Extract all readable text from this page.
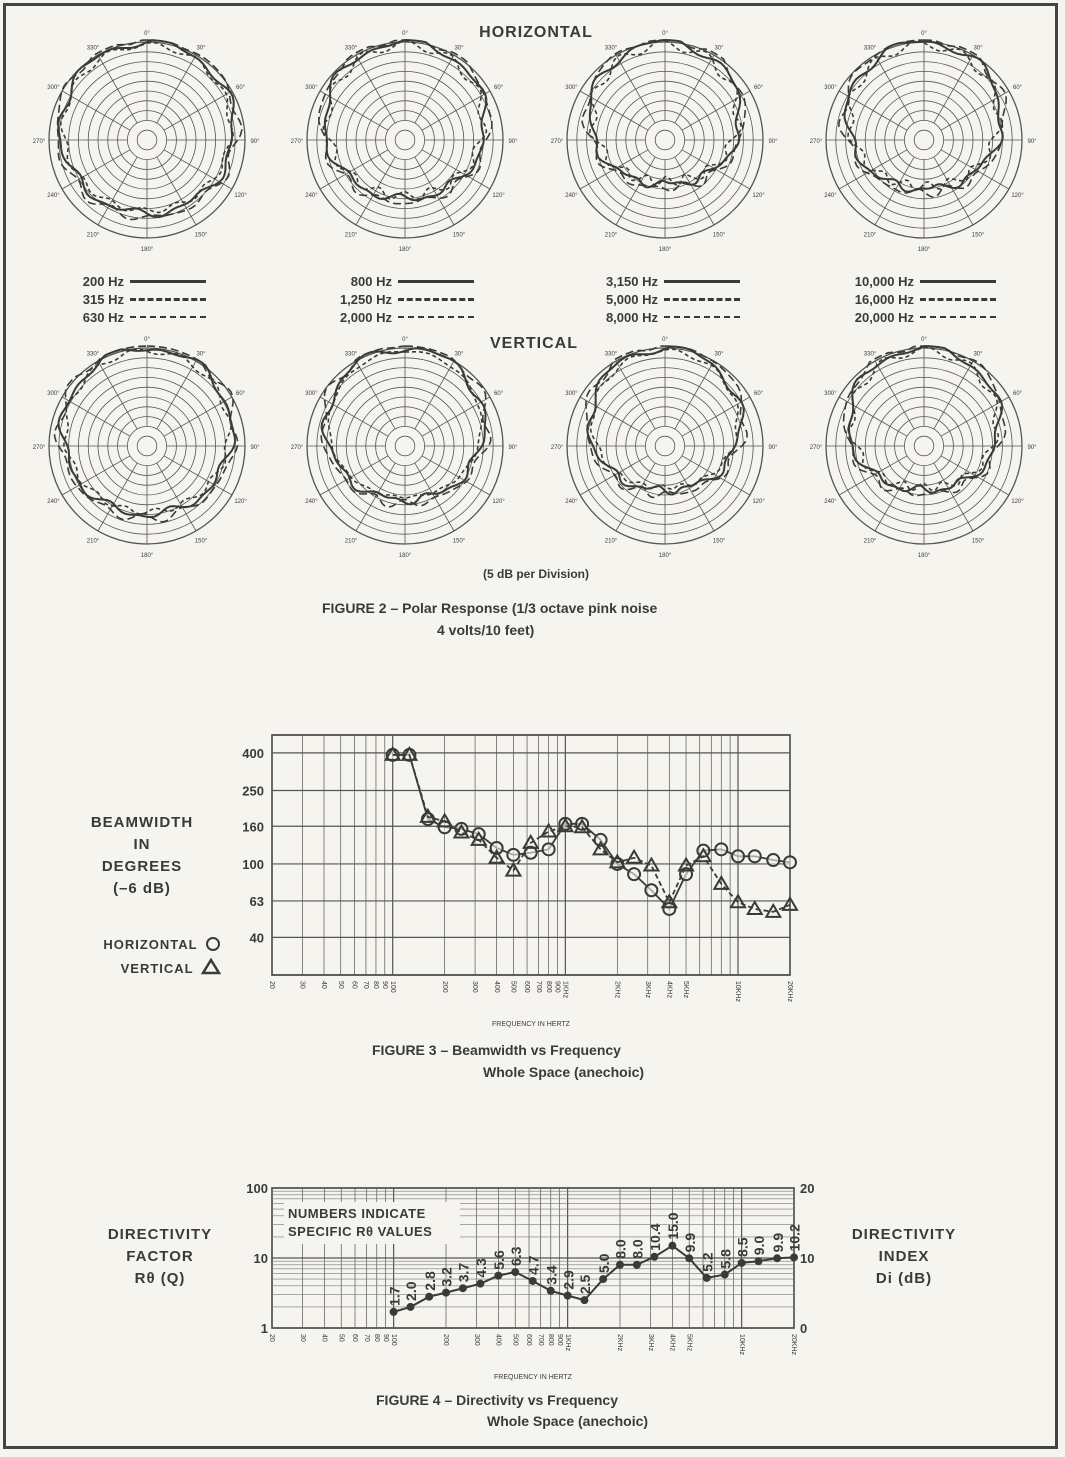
HORIZONTAL
VERTICAL
(5 dB per Division)
0°
30°
60°
90°
120°
150°
180°
210°
240°
270°
300°
330°
0°
30°
60°
90°
120°
150°
180°
210°
240°
270°
300°
330°
0°
30°
60°
90°
120°
150°
180°
210°
240°
270°
300°
330°
0°
30°
60°
90°
120°
150°
180°
210°
240°
270°
300°
330°
0°
30°
60°
90°
120°
150°
180°
210°
240°
270°
300°
330°
0°
30°
60°
90°
120°
150°
180°
210°
240°
270°
300°
330°
0°
30°
60°
90°
120°
150°
180°
210°
240°
270°
300°
330°
0°
30°
60°
90°
120°
150°
180°
210°
240°
270°
300°
330°
200 Hz
315 Hz
630 Hz
800 Hz
1,250 Hz
2,000 Hz
3,150 Hz
5,000 Hz
8,000 Hz
10,000 Hz
16,000 Hz
20,000 Hz
FIGURE 2 – Polar Response (1/3 octave pink noise
4 volts/10 feet)
BEAMWIDTH
IN
DEGREES
(–6 dB)
HORIZONTAL
VERTICAL
20	30 40 50 60 70 80 90 100	200	300 400 500 600 700 800 900 1KHz	2KHz	3KHz 4KHz 5KHz	10KHz	20KHz
FREQUENCY IN HERTZ
40
63
100
160
250
400
FIGURE 3 – Beamwidth vs Frequency
Whole Space (anechoic)
DIRECTIVITY
FACTOR
Rθ (Q)
DIRECTIVITY
INDEX
Di (dB)
20	30 40 50 60 70 80 90 100	200	300 400 500 600 700 800 900 1KHz	2KHz	3KHz 4KHz 5KHz	10KHz	20KHz
FREQUENCY IN HERTZ
1
10
100
0
10
20
NUMBERS INDICATE
SPECIFIC Rθ VALUES
1.7 2.0
2.8 3.2 3.7 4.3 5.6 6.3 4.7
3.4 2.9 2.5
5.0
8.0 8.0 10.4 15.0
9.9
5.2 5.8
8.5 9.0 9.9 10.2
FIGURE 4 – Directivity vs Frequency
Whole Space (anechoic)
